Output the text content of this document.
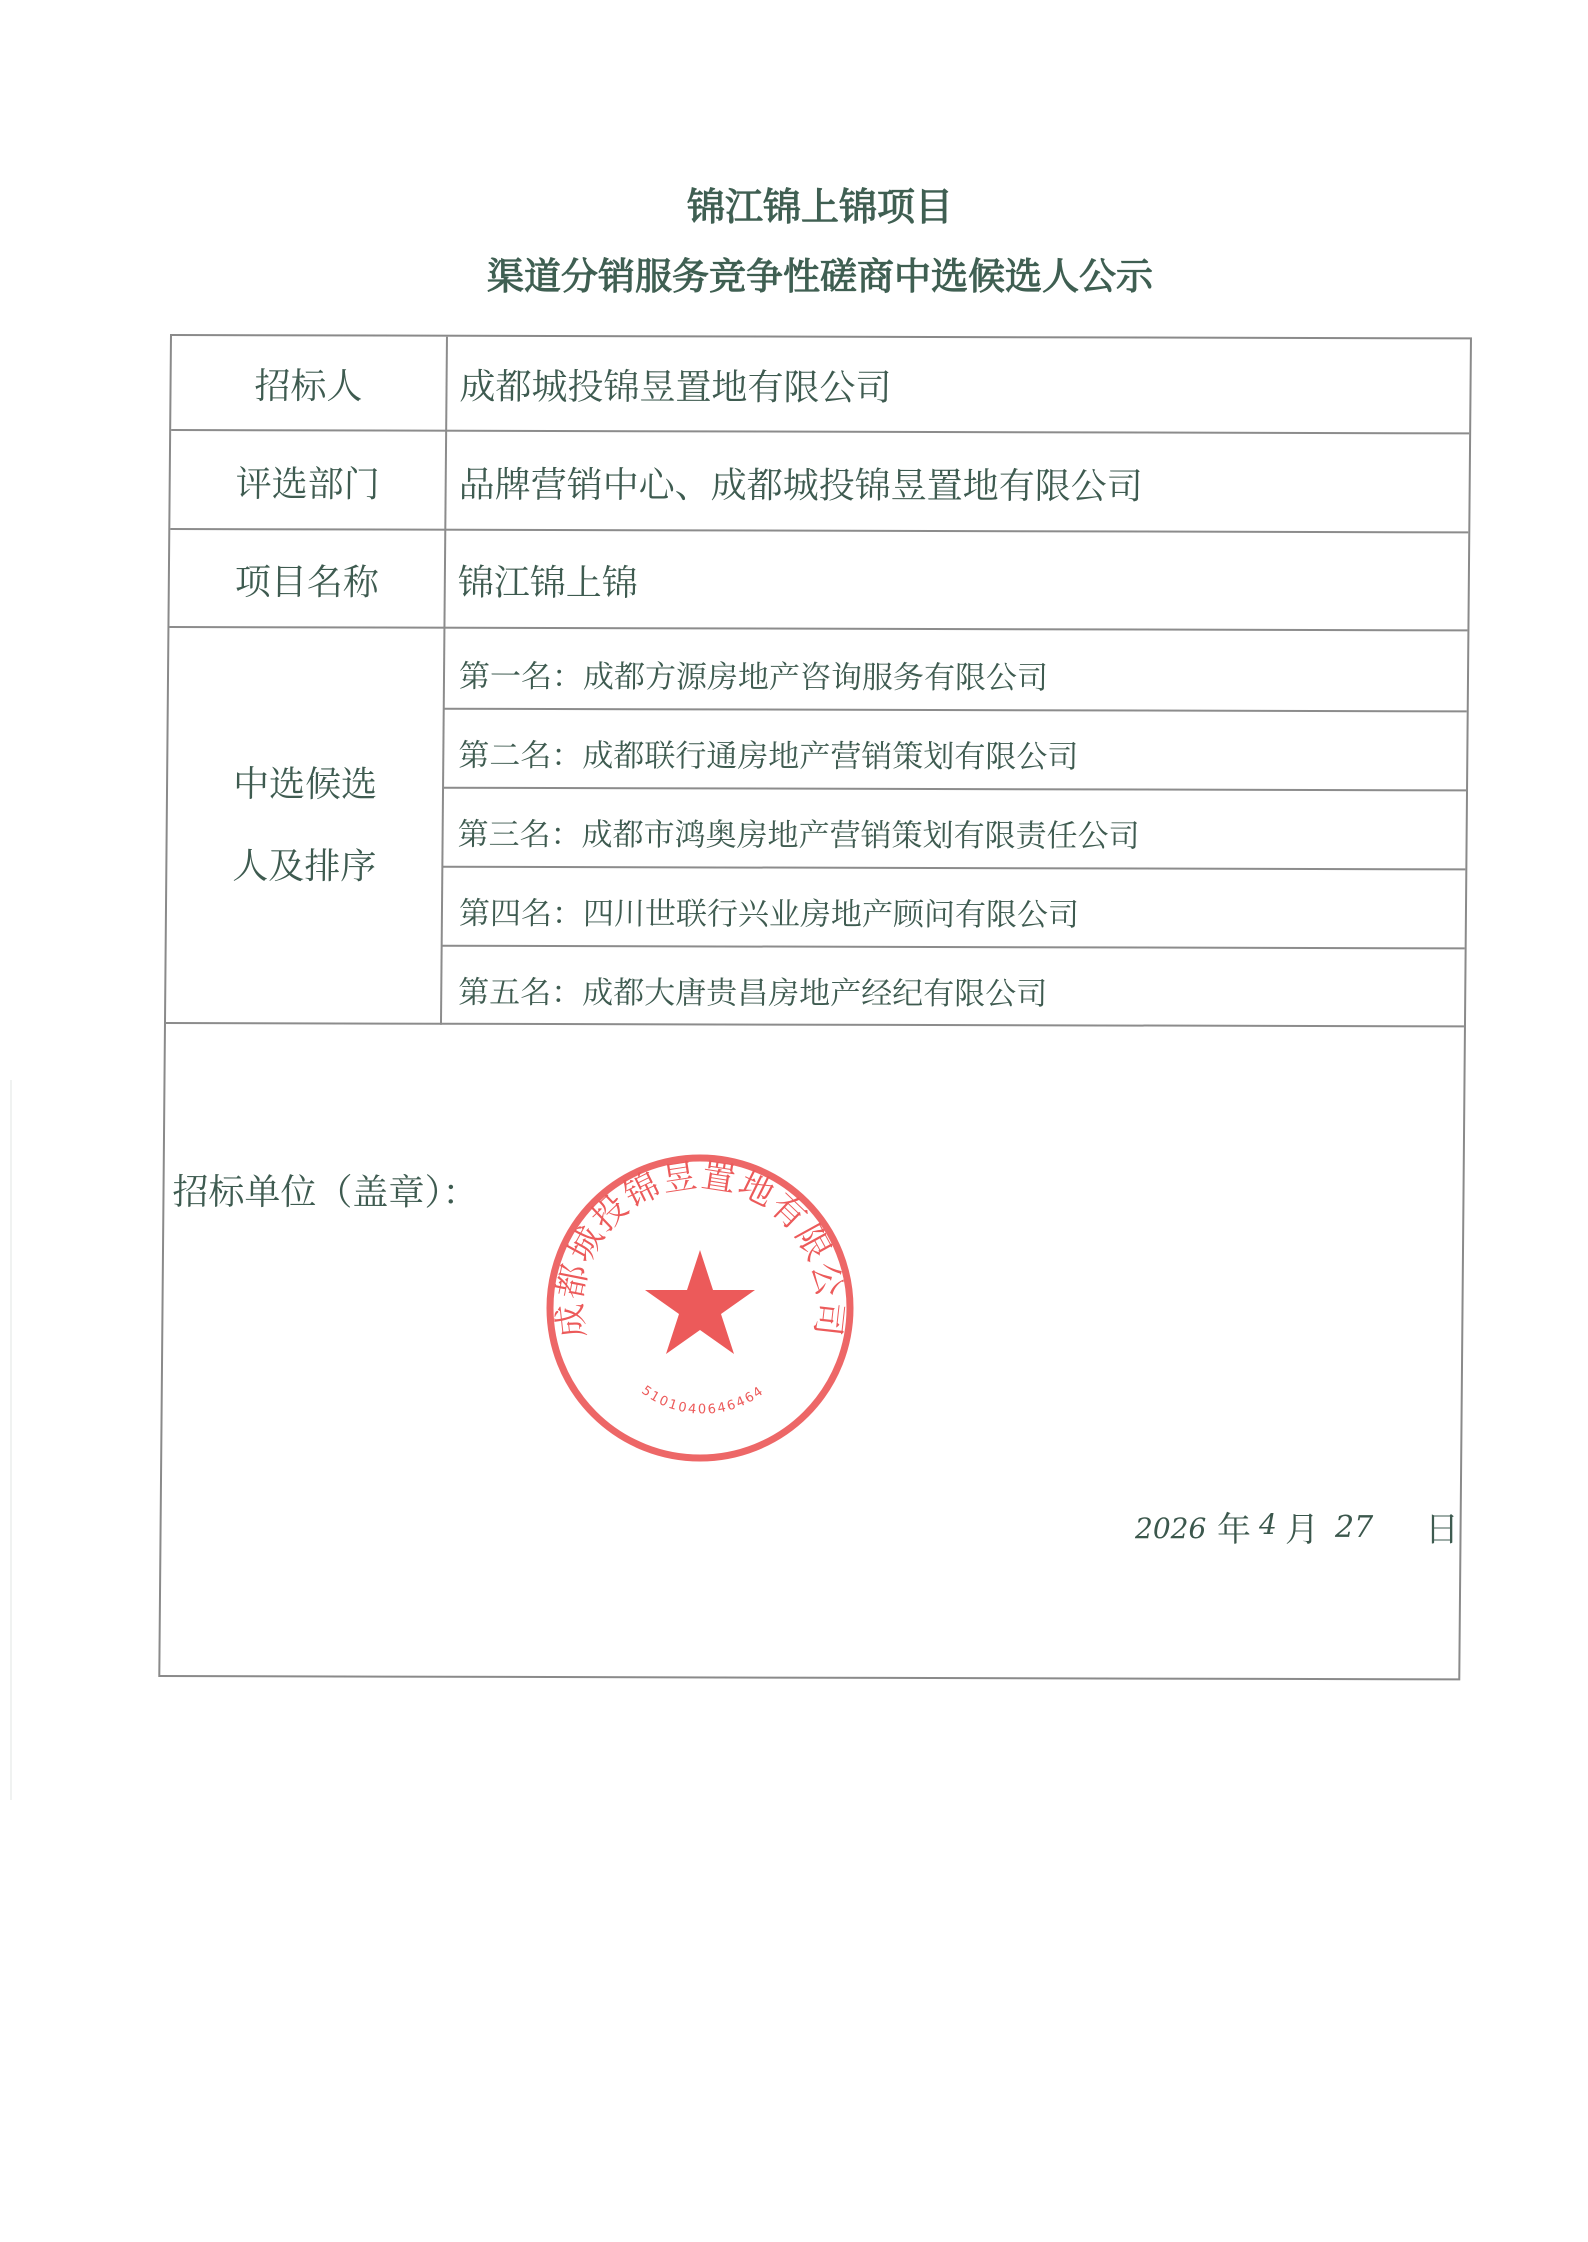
锦江锦上锦项目
渠道分销服务竞争性磋商中选候选人公示
招标人	成都城投锦昱置地有限公司
评选部门	品牌营销中心、成都城投锦昱置地有限公司
项目名称	锦江锦上锦
中选候选
人及排序
第一名：成都方源房地产咨询服务有限公司
第二名：成都联行通房地产营销策划有限公司
第三名：成都市鸿奥房地产营销策划有限责任公司
第四名：四川世联行兴业房地产顾问有限公司
第五名：成都大唐贵昌房地产经纪有限公司
招标单位（盖章）：
成都城投锦昱置地有限公司
5101040646464
2026 年 4 月 27 日
